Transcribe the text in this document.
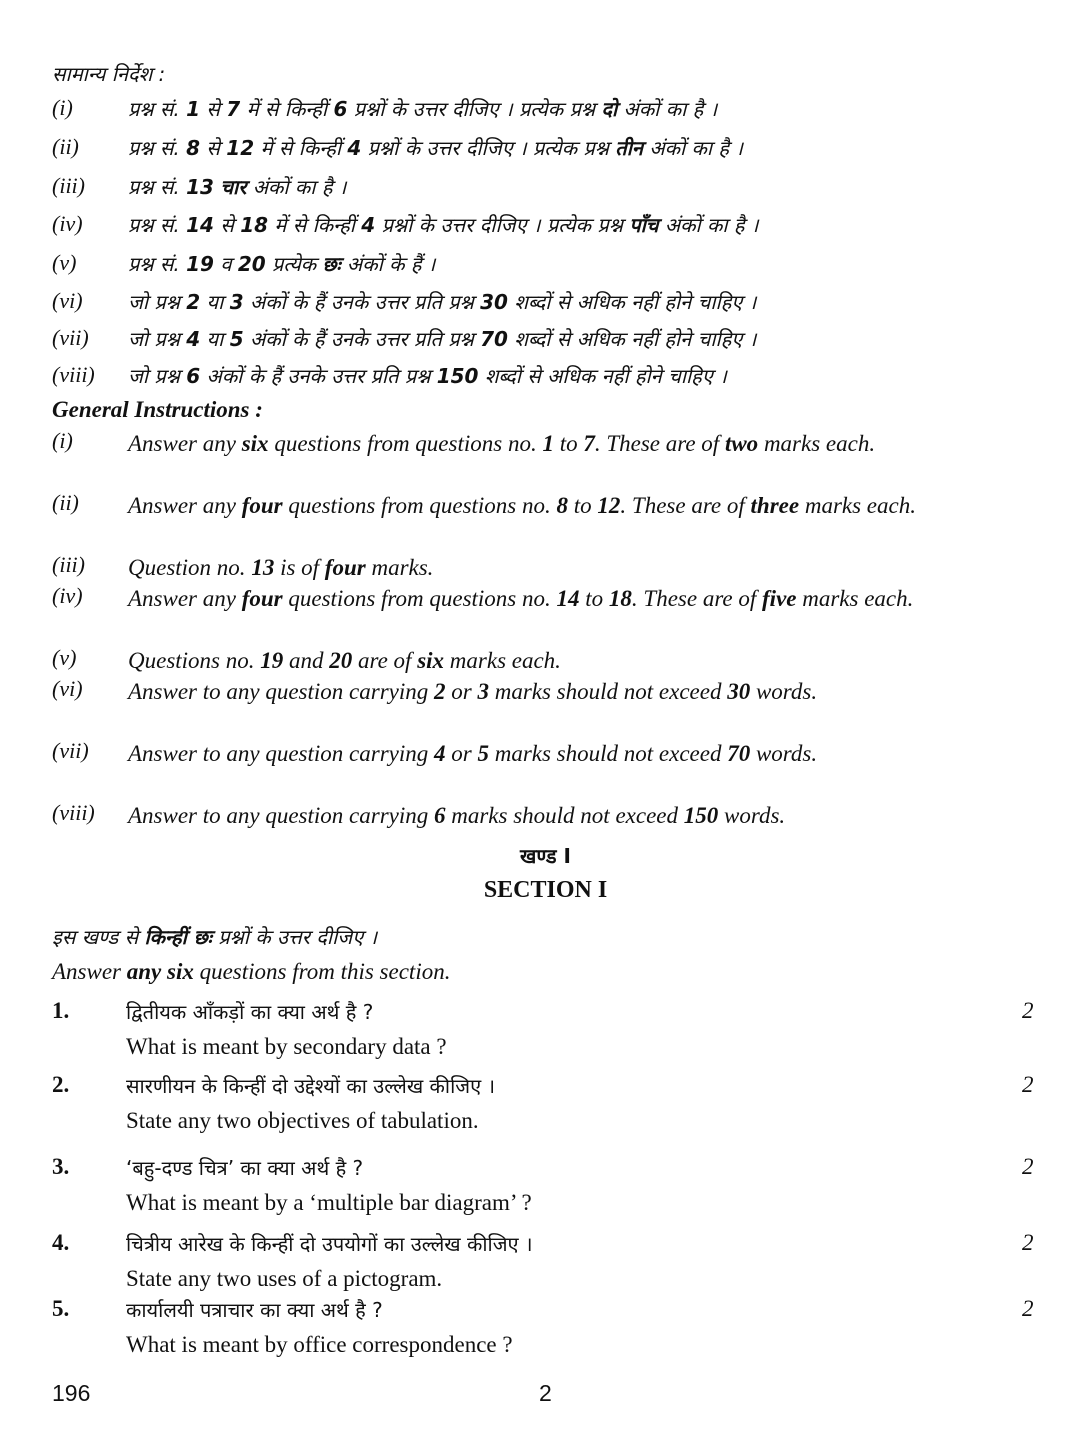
सामान्य निर्देश :
(i)	प्रश्न सं. 1 से 7 में से किन्हीं 6 प्रश्नों के उत्तर दीजिए । प्रत्येक प्रश्न दो अंकों का है ।
(ii) प्रश्न सं. 8 से 12 में से किन्हीं 4 प्रश्नों के उत्तर दीजिए । प्रत्येक प्रश्न तीन अंकों का है ।
(iii) प्रश्न सं. 13 चार अंकों का है ।
(iv) प्रश्न सं. 14 से 18 में से किन्हीं 4 प्रश्नों के उत्तर दीजिए । प्रत्येक प्रश्न पाँच अंकों का है ।
(v)	प्रश्न सं. 19 व 20 प्रत्येक छः अंकों के हैं ।
(vi) जो प्रश्न 2 या 3 अंकों के हैं उनके उत्तर प्रति प्रश्न 30 शब्दों से अधिक नहीं होने चाहिए ।
(vii) जो प्रश्न 4 या 5 अंकों के हैं उनके उत्तर प्रति प्रश्न 70 शब्दों से अधिक नहीं होने चाहिए ।
(viii) जो प्रश्न 6 अंकों के हैं उनके उत्तर प्रति प्रश्न 150 शब्दों से अधिक नहीं होने चाहिए ।
General Instructions :
(i) Answer any six questions from questions no. 1 to 7. These are of two marks each.
(ii) Answer any four questions from questions no. 8 to 12. These are of three marks each.
(iii) Question no. 13 is of four marks.
(iv) Answer any four questions from questions no. 14 to 18. These are of five marks each.
(v) Questions no. 19 and 20 are of six marks each.
(vi) Answer to any question carrying 2 or 3 marks should not exceed 30 words.
(vii) Answer to any question carrying 4 or 5 marks should not exceed 70 words.
(viii) Answer to any question carrying 6 marks should not exceed 150 words.
खण्ड I
SECTION I
इस खण्ड से किन्हीं छः प्रश्नों के उत्तर दीजिए ।
Answer any six questions from this section.
1.	द्वितीयक आँकड़ों का क्या अर्थ है ?
What is meant by secondary data ?
2
2.	सारणीयन के किन्हीं दो उद्देश्यों का उल्लेख कीजिए ।
State any two objectives of tabulation.
2
3.	‘बहु-दण्ड चित्र’ का क्या अर्थ है ?
What is meant by a ‘multiple bar diagram’ ?
2
4.	चित्रीय आरेख के किन्हीं दो उपयोगों का उल्लेख कीजिए ।
State any two uses of a pictogram.
2
5.	कार्यालयी पत्राचार का क्या अर्थ है ?
What is meant by office correspondence ?
2
196	2
